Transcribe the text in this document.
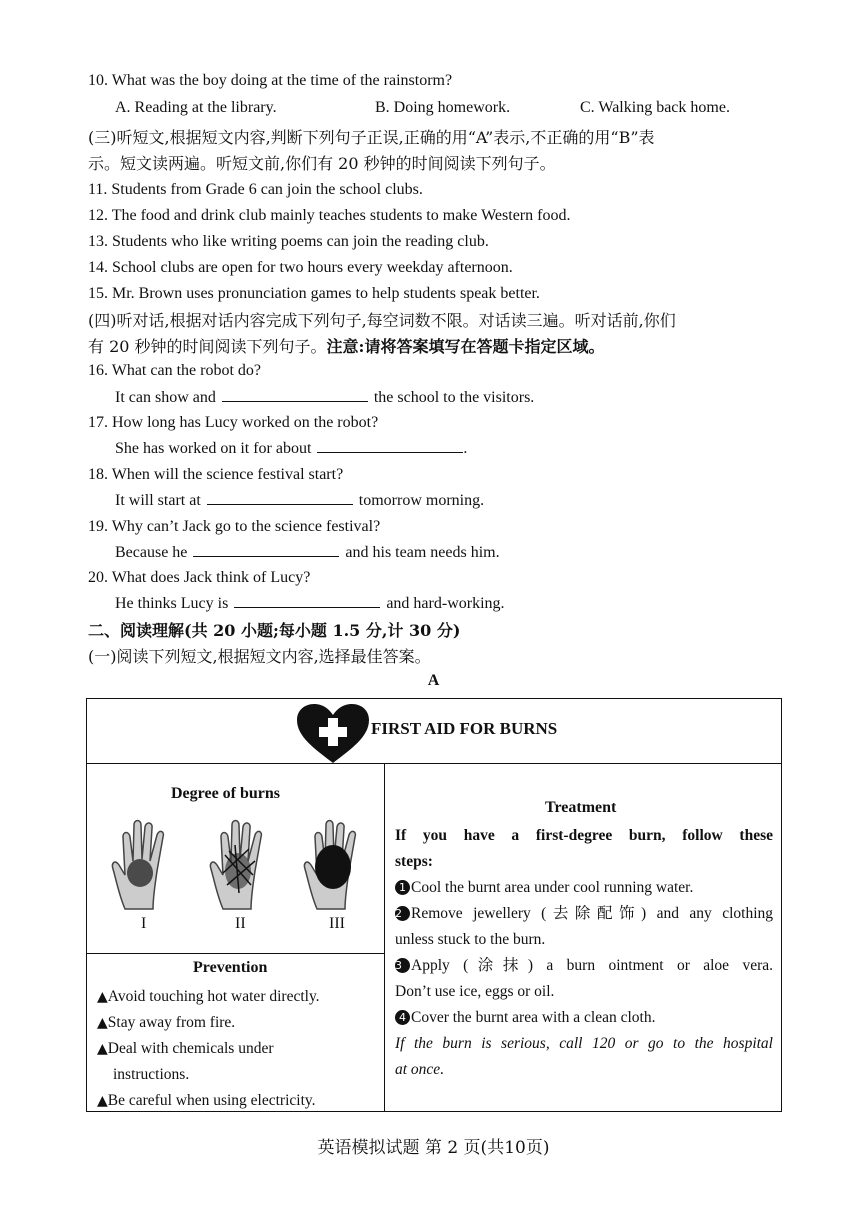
10. What was the boy doing at the time of the rainstorm?
A. Reading at the library.	B. Doing homework.	C. Walking back home.
(三)听短文,根据短文内容,判断下列句子正误,正确的用“A”表示,不正确的用“B”表
示。短文读两遍。听短文前,你们有 20 秒钟的时间阅读下列句子。
11. Students from Grade 6 can join the school clubs.
12. The food and drink club mainly teaches students to make Western food.
13. Students who like writing poems can join the reading club.
14. School clubs are open for two hours every weekday afternoon.
15. Mr. Brown uses pronunciation games to help students speak better.
(四)听对话,根据对话内容完成下列句子,每空词数不限。对话读三遍。听对话前,你们
有 20 秒钟的时间阅读下列句子。注意:请将答案填写在答题卡指定区域。
16. What can the robot do?
It can show and	the school to the visitors.
17. How long has Lucy worked on the robot?
She has worked on it for about	.
18. When will the science festival start?
It will start at	tomorrow morning.
19. Why can’t Jack go to the science festival?
Because he	and his team needs him.
20. What does Jack think of Lucy?
He thinks Lucy is	and hard-working.
二、阅读理解(共 20 小题;每小题 1.5 分,计 30 分)
(一)阅读下列短文,根据短文内容,选择最佳答案。
A
FIRST AID FOR BURNS
Degree of burns
I	II	III
Prevention
▲Avoid touching hot water directly.
▲Stay away from fire.
▲Deal with chemicals under
instructions.
▲Be careful when using electricity.
Treatment
If you have a first-degree burn, follow these
steps:
1 Cool the burnt area under cool running water.
2 Remove jewellery (去除配饰) and any clothing
unless stuck to the burn.
3 Apply (涂抹) a burn ointment or aloe vera.
Don’t use ice, eggs or oil.
4 Cover the burnt area with a clean cloth.
If the burn is serious, call 120 or go to the hospital
at once.
英语模拟试题 第 2 页(共10页)
